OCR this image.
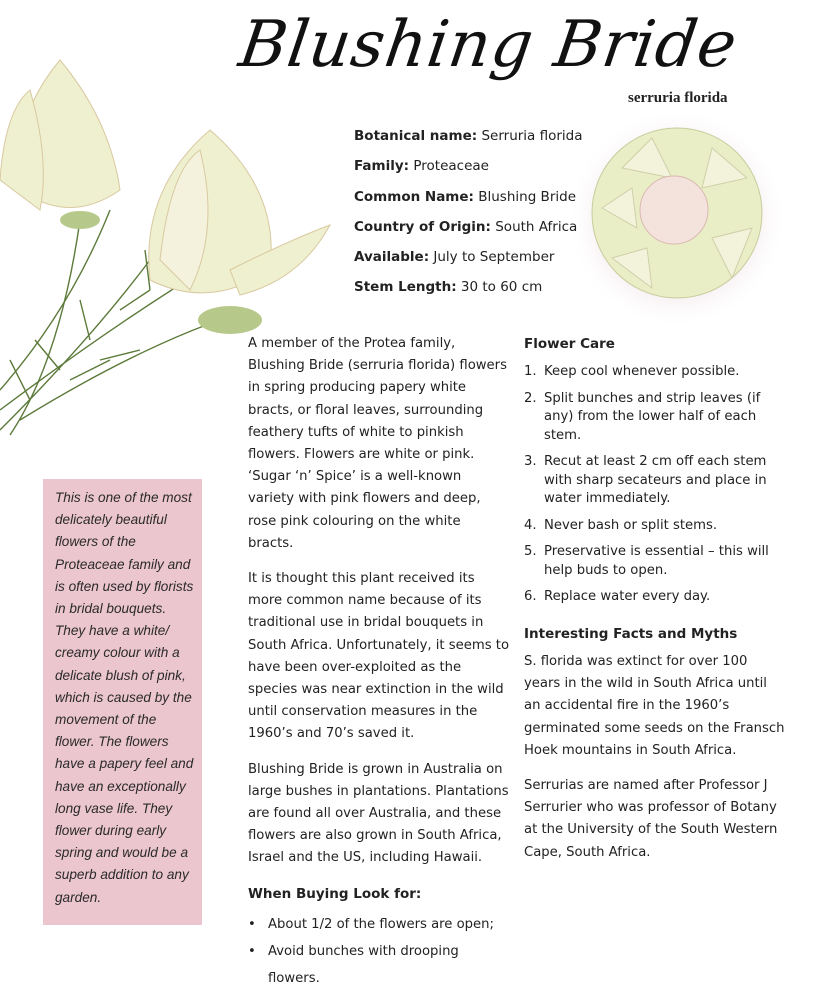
Blushing Bride
serruria florida
Botanical name: Serruria florida
Family: Proteaceae
Common Name: Blushing Bride
Country of Origin: South Africa
Available: July to September
Stem Length: 30 to 60 cm

A member of the Protea family, Blushing Bride (serruria florida) flowers in spring producing papery white bracts, or floral leaves, surrounding feathery tufts of white to pinkish flowers. Flowers are white or pink. ‘Sugar ‘n’ Spice’ is a well-known variety with pink flowers and deep, rose pink colouring on the white bracts.

It is thought this plant received its more common name because of its traditional use in bridal bouquets in South Africa. Unfortunately, it seems to have been over-exploited as the species was near extinction in the wild until conservation measures in the 1960’s and 70’s saved it.

Blushing Bride is grown in Australia on large bushes in plantations. Plantations are found all over Australia, and these flowers are also grown in South Africa, Israel and the US, including Hawaii.

When Buying Look for:
• About 1/2 of the flowers are open;
• Avoid bunches with drooping flowers.
Flower Care
1. Keep cool whenever possible.
2. Split bunches and strip leaves (if any) from the lower half of each stem.
3. Recut at least 2 cm off each stem with sharp secateurs and place in water immediately.
4. Never bash or split stems.
5. Preservative is essential – this will help buds to open.
6. Replace water every day.
Interesting Facts and Myths

S. florida was extinct for over 100 years in the wild in South Africa until an accidental fire in the 1960’s germinated some seeds on the Fransch Hoek mountains in South Africa.

Serrurias are named after Professor J Serrurier who was professor of Botany at the University of the South Western Cape, South Africa.

This is one of the most delicately beautiful flowers of the Proteaceae family and is often used by florists in bridal bouquets. They have a white/ creamy colour with a delicate blush of pink, which is caused by the movement of the flower. The flowers have a papery feel and have an exceptionally long vase life. They flower during early spring and would be a superb addition to any garden.
